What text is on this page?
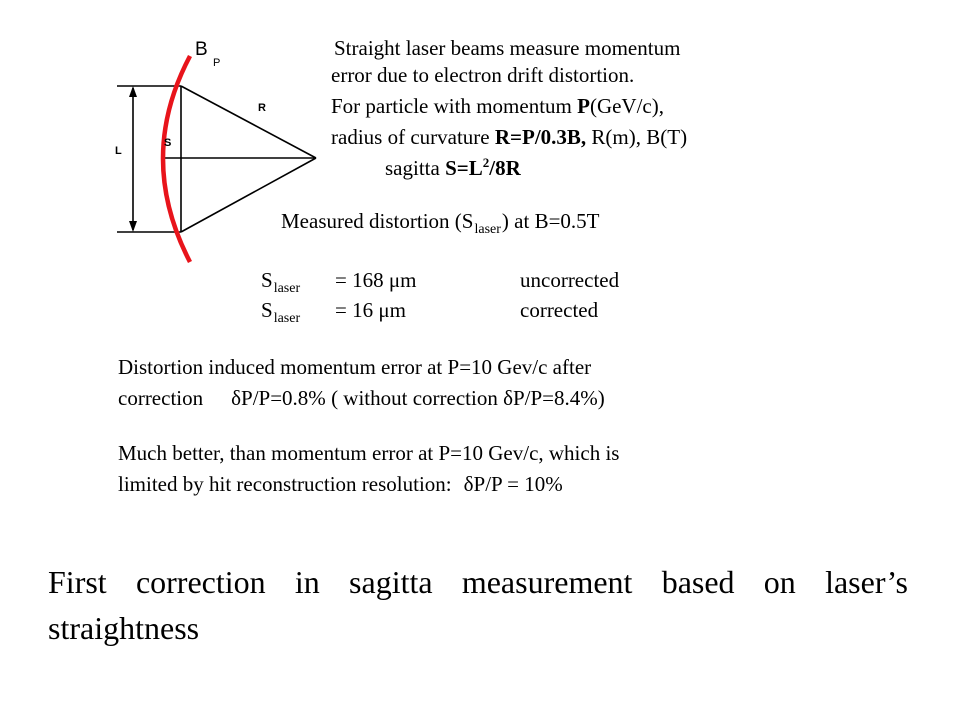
B
P
R
L
S
Straight laser beams measure momentum
error due to electron drift distortion.
For particle with momentum P(GeV/c),
radius of curvature R=P/0.3B, R(m), B(T)
sagitta $S=L^2/8R$
Measured distortion $(S_{laser})$ at B=0.5T
$S_{laser} = 168$ μm	uncorrected
$S_{laser} = 16$ μm	corrected
Distortion induced momentum error at P=10 Gev/c after
correction δP/P=0.8% ( without correction δP/P=8.4%)
Much better, than momentum error at P=10 Gev/c, which is
limited by hit reconstruction resolution: δP/P = 10%
First correction in sagitta measurement based on laser’s straightness
